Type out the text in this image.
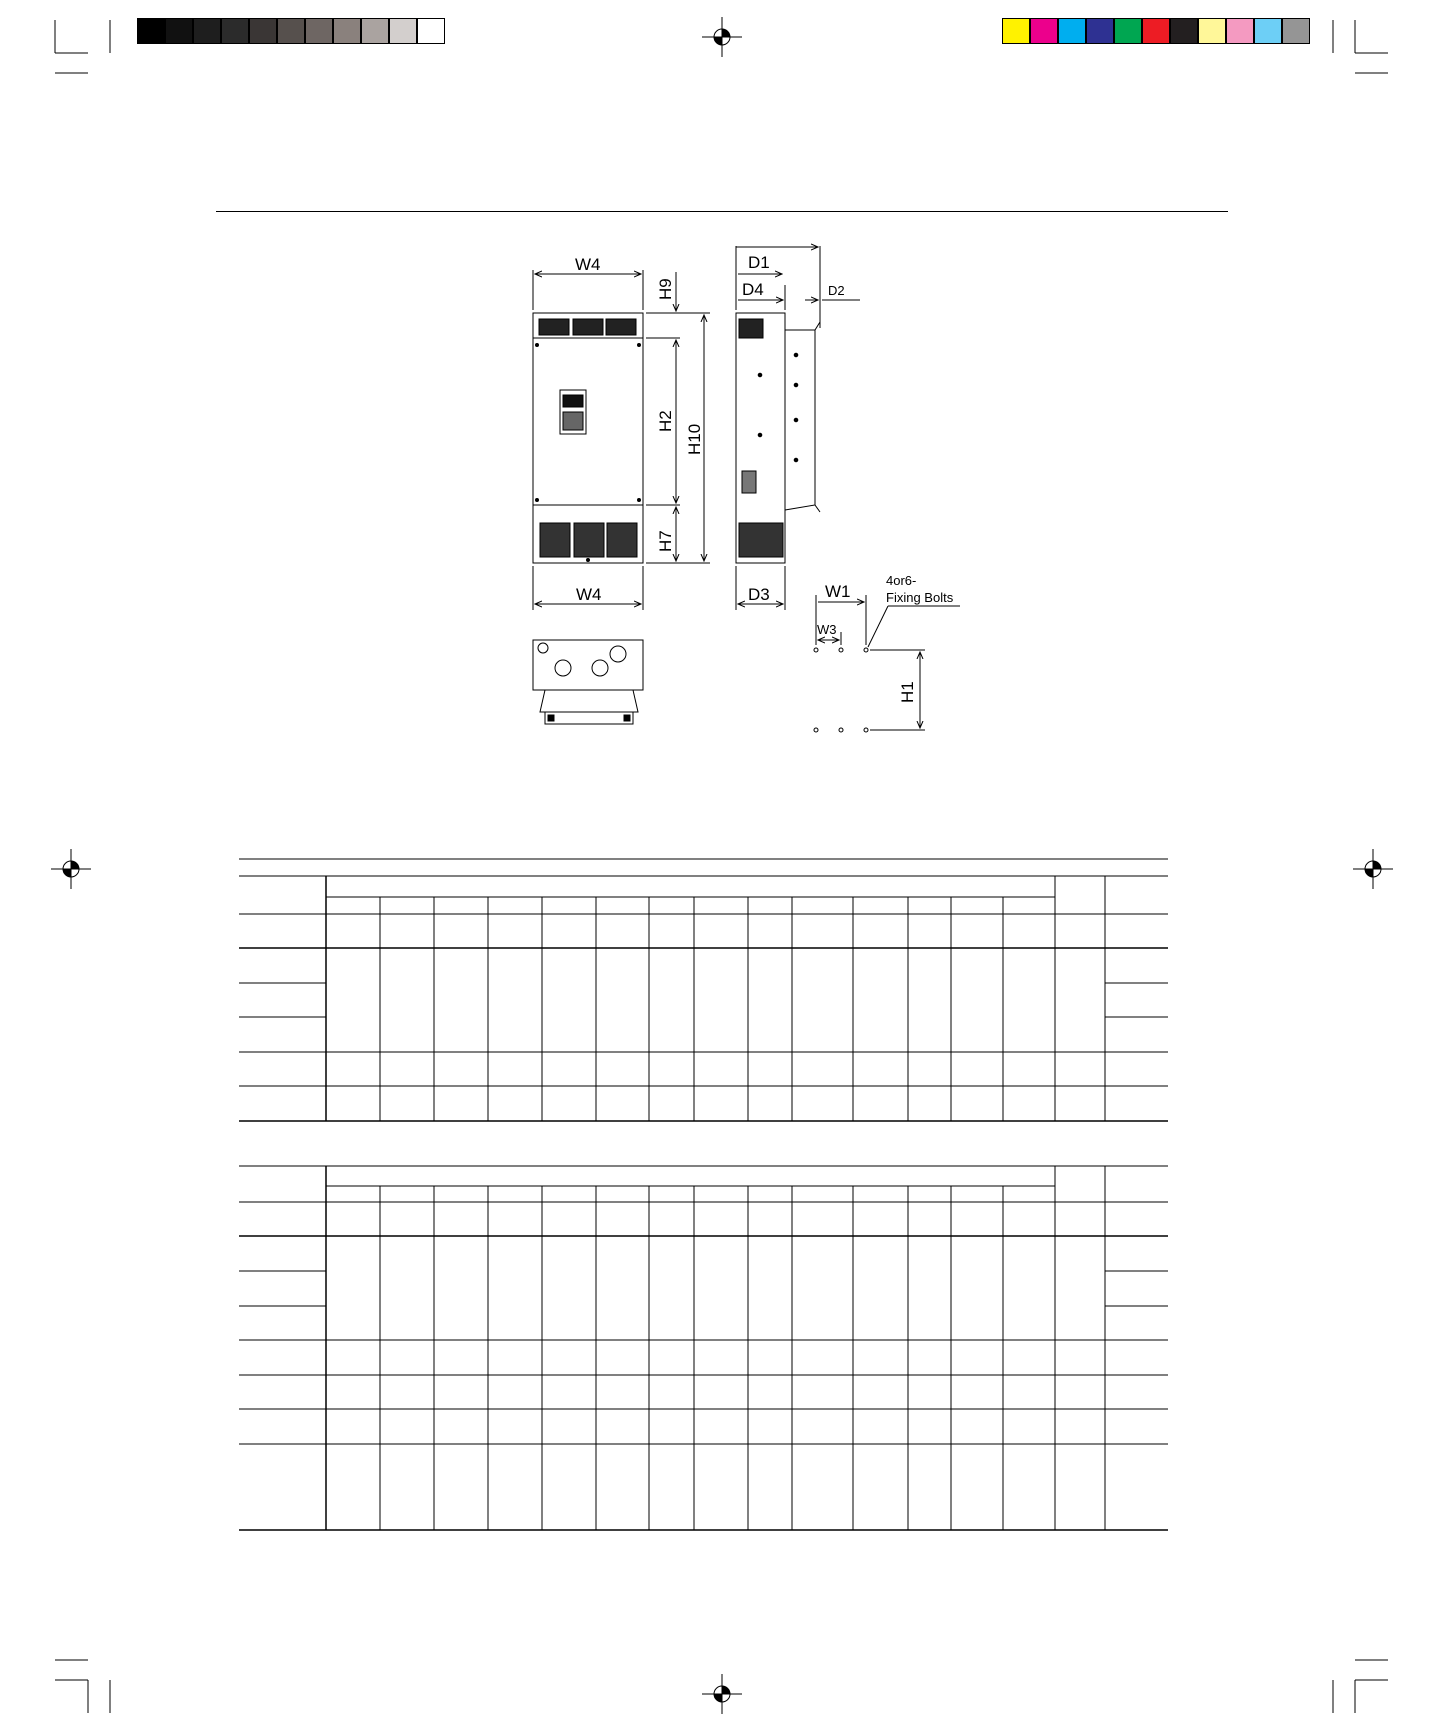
W4
W4
H9
H2
H10
H7
D1
D4	D2
D3	W1
W3
H1
4or6-
Fixing Bolts
